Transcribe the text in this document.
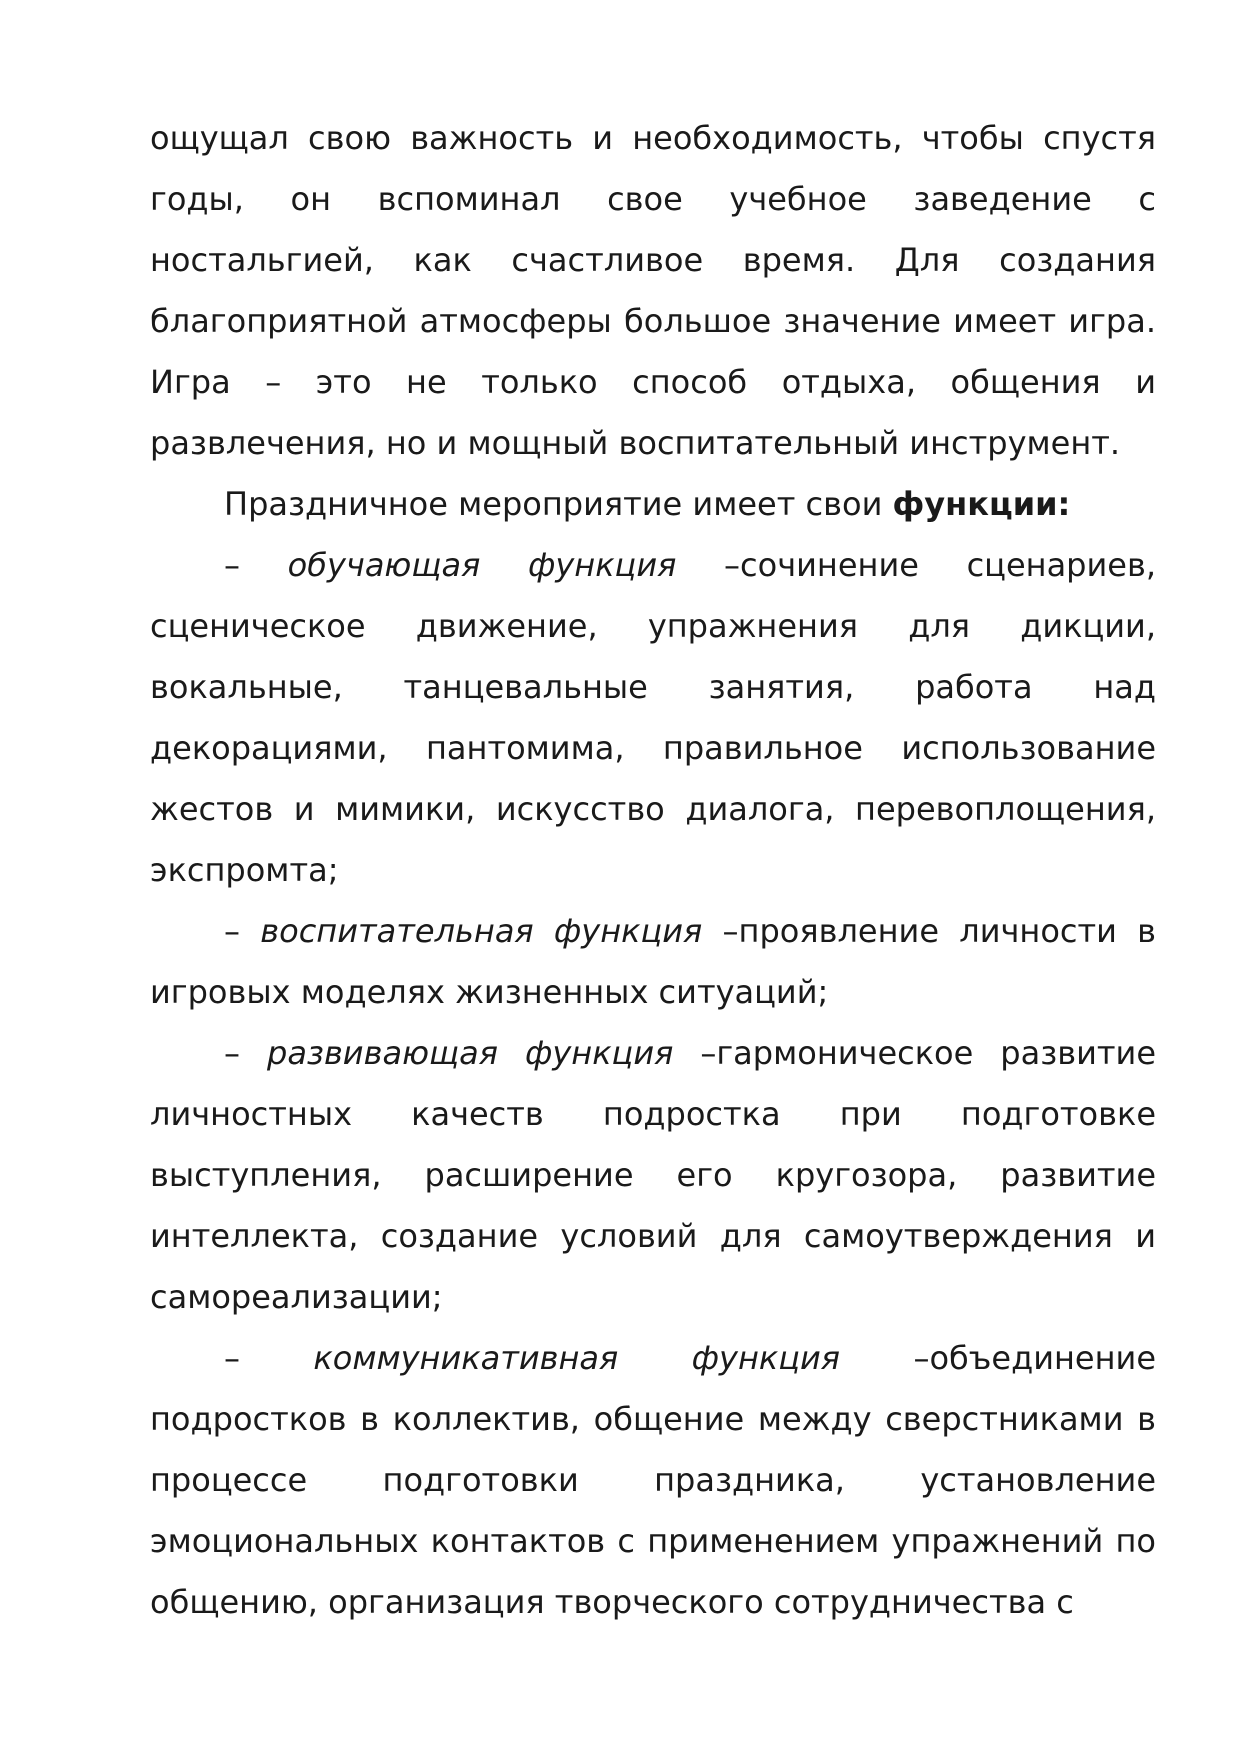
ощущал свою важность и необходимость, чтобы спустя годы, он вспоминал свое учебное заведение с ностальгией, как счастливое время. Для создания благоприятной атмосферы большое значение имеет игра. Игра – это не только способ отдыха, общения и развлечения, но и мощный воспитательный инструмент.

Праздничное мероприятие имеет свои функции:

– обучающая функция –сочинение сценариев, сценическое движение, упражнения для дикции, вокальные, танцевальные занятия, работа над декорациями, пантомима, правильное использование жестов и мимики, искусство диалога, перевоплощения, экспромта;

– воспитательная функция –проявление личности в игровых моделях жизненных ситуаций;

– развивающая функция –гармоническое развитие личностных качеств подростка при подготовке выступления, расширение его кругозора, развитие интеллекта, создание условий для самоутверждения и самореализации;

– коммуникативная функция –объединение подростков в коллектив, общение между сверстниками в процессе подготовки праздника, установление эмоциональных контактов с применением упражнений по общению, организация творческого сотрудничества с
